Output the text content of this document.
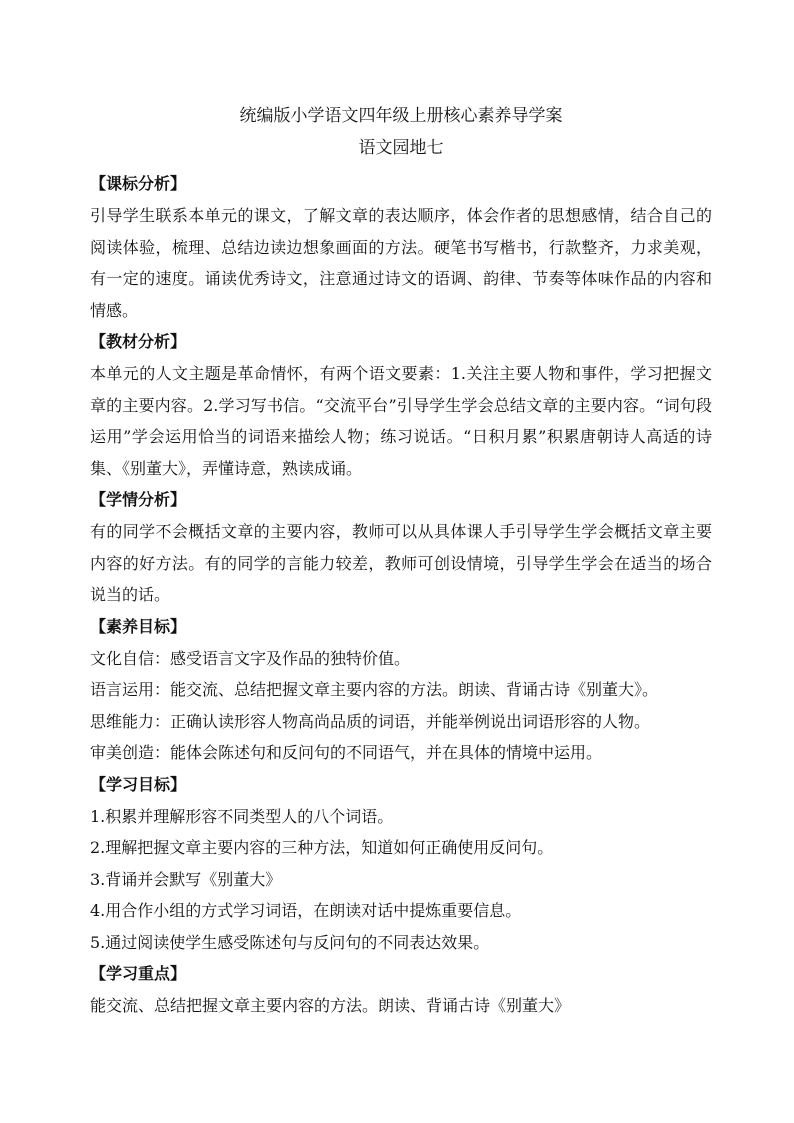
统编版小学语文四年级上册核心素养导学案

语文园地七

【课标分析】

引导学生联系本单元的课文，了解文章的表达顺序，体会作者的思想感情，结合自己的阅读体验，梳理、总结边读边想象画面的方法。硬笔书写楷书，行款整齐，力求美观，有一定的速度。诵读优秀诗文，注意通过诗文的语调、韵律、节奏等体味作品的内容和情感。

【教材分析】

本单元的人文主题是革命情怀，有两个语文要素：1.关注主要人物和事件，学习把握文章的主要内容。2.学习写书信。“交流平台”引导学生学会总结文章的主要内容。“词句段运用”学会运用恰当的词语来描绘人物；练习说话。“日积月累”积累唐朝诗人高适的诗集、《别董大》，弄懂诗意，熟读成诵。

【学情分析】

有的同学不会概括文章的主要内容，教师可以从具体课人手引导学生学会概括文章主要内容的好方法。有的同学的言能力较差，教师可创设情境，引导学生学会在适当的场合说当的话。

【素养目标】

文化自信：感受语言文字及作品的独特价值。

语言运用：能交流、总结把握文章主要内容的方法。朗读、背诵古诗《别董大》。

思维能力：正确认读形容人物高尚品质的词语，并能举例说出词语形容的人物。

审美创造：能体会陈述句和反问句的不同语气，并在具体的情境中运用。

【学习目标】

1.积累并理解形容不同类型人的八个词语。

2.理解把握文章主要内容的三种方法，知道如何正确使用反问句。

3.背诵并会默写《别董大》

4.用合作小组的方式学习词语，在朗读对话中提炼重要信息。

5.通过阅读使学生感受陈述句与反问句的不同表达效果。

【学习重点】

能交流、总结把握文章主要内容的方法。朗读、背诵古诗《别董大》
